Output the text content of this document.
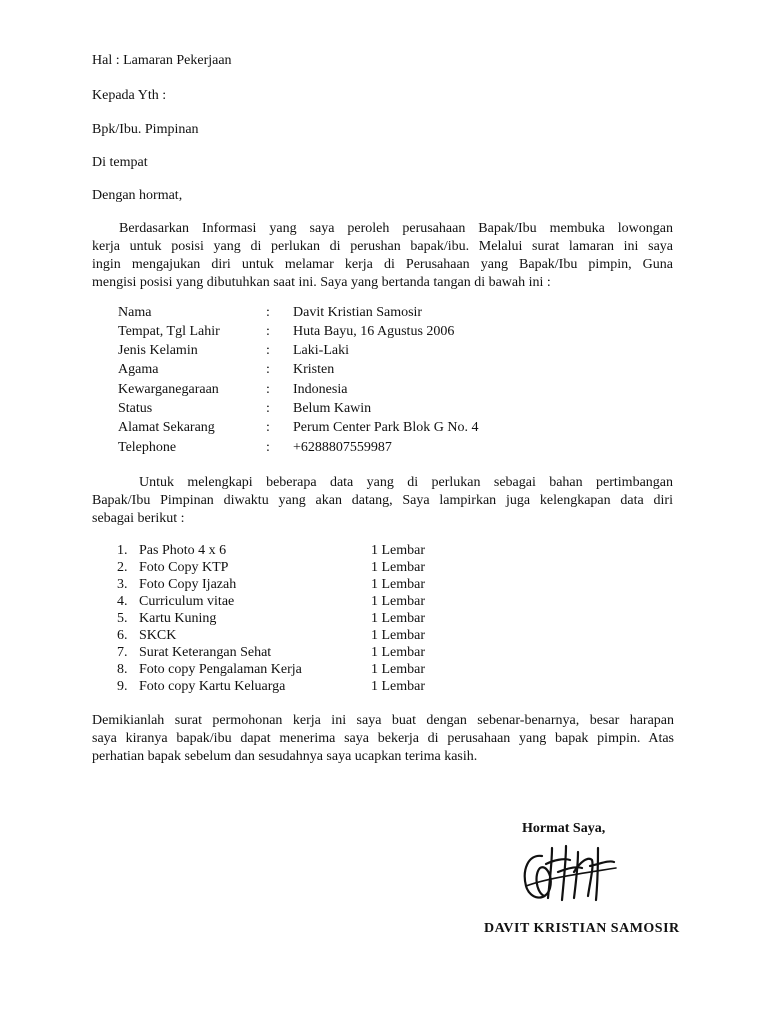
Hal : Lamaran Pekerjaan
Kepada Yth :
Bpk/Ibu. Pimpinan
Di tempat
Dengan hormat,
Berdasarkan Informasi yang saya peroleh perusahaan Bapak/Ibu membuka lowongan
kerja untuk posisi yang di perlukan di perushan bapak/ibu. Melalui surat lamaran ini saya
ingin mengajukan diri untuk melamar kerja di Perusahaan yang Bapak/Ibu pimpin, Guna
mengisi posisi yang dibutuhkan saat ini. Saya yang bertanda tangan di bawah ini :
Nama	: Davit Kristian Samosir
Tempat, Tgl Lahir	: Huta Bayu, 16 Agustus 2006
Jenis Kelamin	: Laki-Laki
Agama	: Kristen
Kewarganegaraan	: Indonesia
Status	: Belum Kawin
Alamat Sekarang	: Perum Center Park Blok G No. 4
Telephone	: +6288807559987
Untuk melengkapi beberapa data yang di perlukan sebagai bahan pertimbangan
Bapak/Ibu Pimpinan diwaktu yang akan datang, Saya lampirkan juga kelengkapan data diri
sebagai berikut :
1. Pas Photo 4 x 6	1 Lembar
2. Foto Copy KTP	1 Lembar
3. Foto Copy Ijazah	1 Lembar
4. Curriculum vitae	1 Lembar
5. Kartu Kuning	1 Lembar
6. SKCK	1 Lembar
7. Surat Keterangan Sehat	1 Lembar
8. Foto copy Pengalaman Kerja	1 Lembar
9. Foto copy Kartu Keluarga	1 Lembar
Demikianlah surat permohonan kerja ini saya buat dengan sebenar-benarnya, besar harapan
saya kiranya bapak/ibu dapat menerima saya bekerja di perusahaan yang bapak pimpin. Atas
perhatian bapak sebelum dan sesudahnya saya ucapkan terima kasih.
Hormat Saya,
DAVIT KRISTIAN SAMOSIR
